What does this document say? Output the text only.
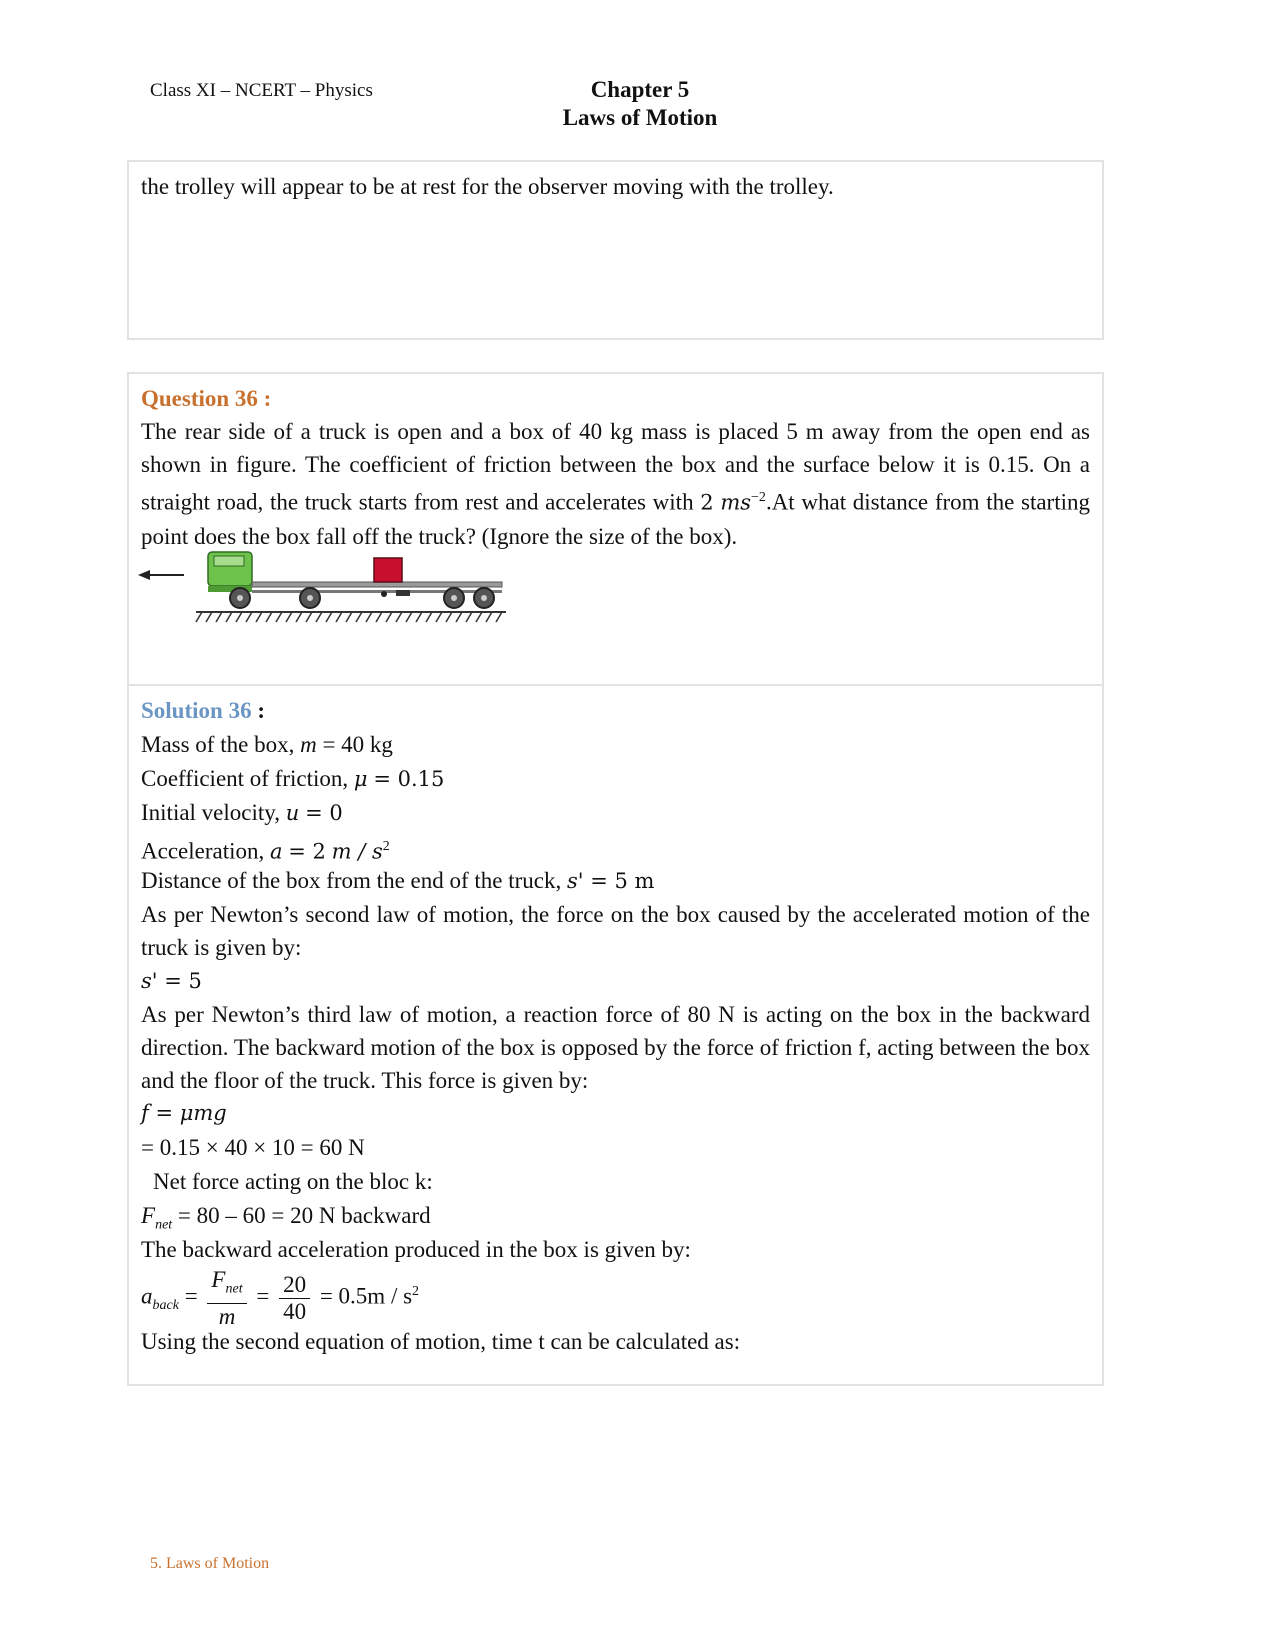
Class XI – NCERT – Physics	Chapter 5
Laws of Motion
the trolley will appear to be at rest for the observer moving with the trolley.
Question 36 :
The rear side of a truck is open and a box of 40 kg mass is placed 5 m away from the open end as shown in figure. The coefficient of friction between the box and the surface below it is 0.15. On a straight road, the truck starts from rest and accelerates with 2 $ms^{-2}.At$ what distance from the starting point does the box fall off the truck? (Ignore the size of the box).
Solution 36 :
Mass of the box, m = 40 kg
Coefficient of friction, μ = 0.15
Initial velocity, u = 0
Acceleration, a = 2 m / $s^2$
Distance of the box from the end of the truck, s' = 5 m
As per Newton’s second law of motion, the force on the box caused by the accelerated motion of the truck is given by:
s' = 5
As per Newton’s third law of motion, a reaction force of 80 N is acting on the box in the backward direction. The backward motion of the box is opposed by the force of friction f, acting between the box and the floor of the truck. This force is given by:
f = μmg
= 0.15 × 40 × 10 = 60 N
Net force acting on the bloc k:
$F_{net} = 80 - 60 = 20$ N backward
The backward acceleration produced in the box is given by:
$a_{back} = \frac{F_{net}}{m} = \frac{20}{40} = 0.5m / s^2$
Using the second equation of motion, time t can be calculated as:
5. Laws of Motion
